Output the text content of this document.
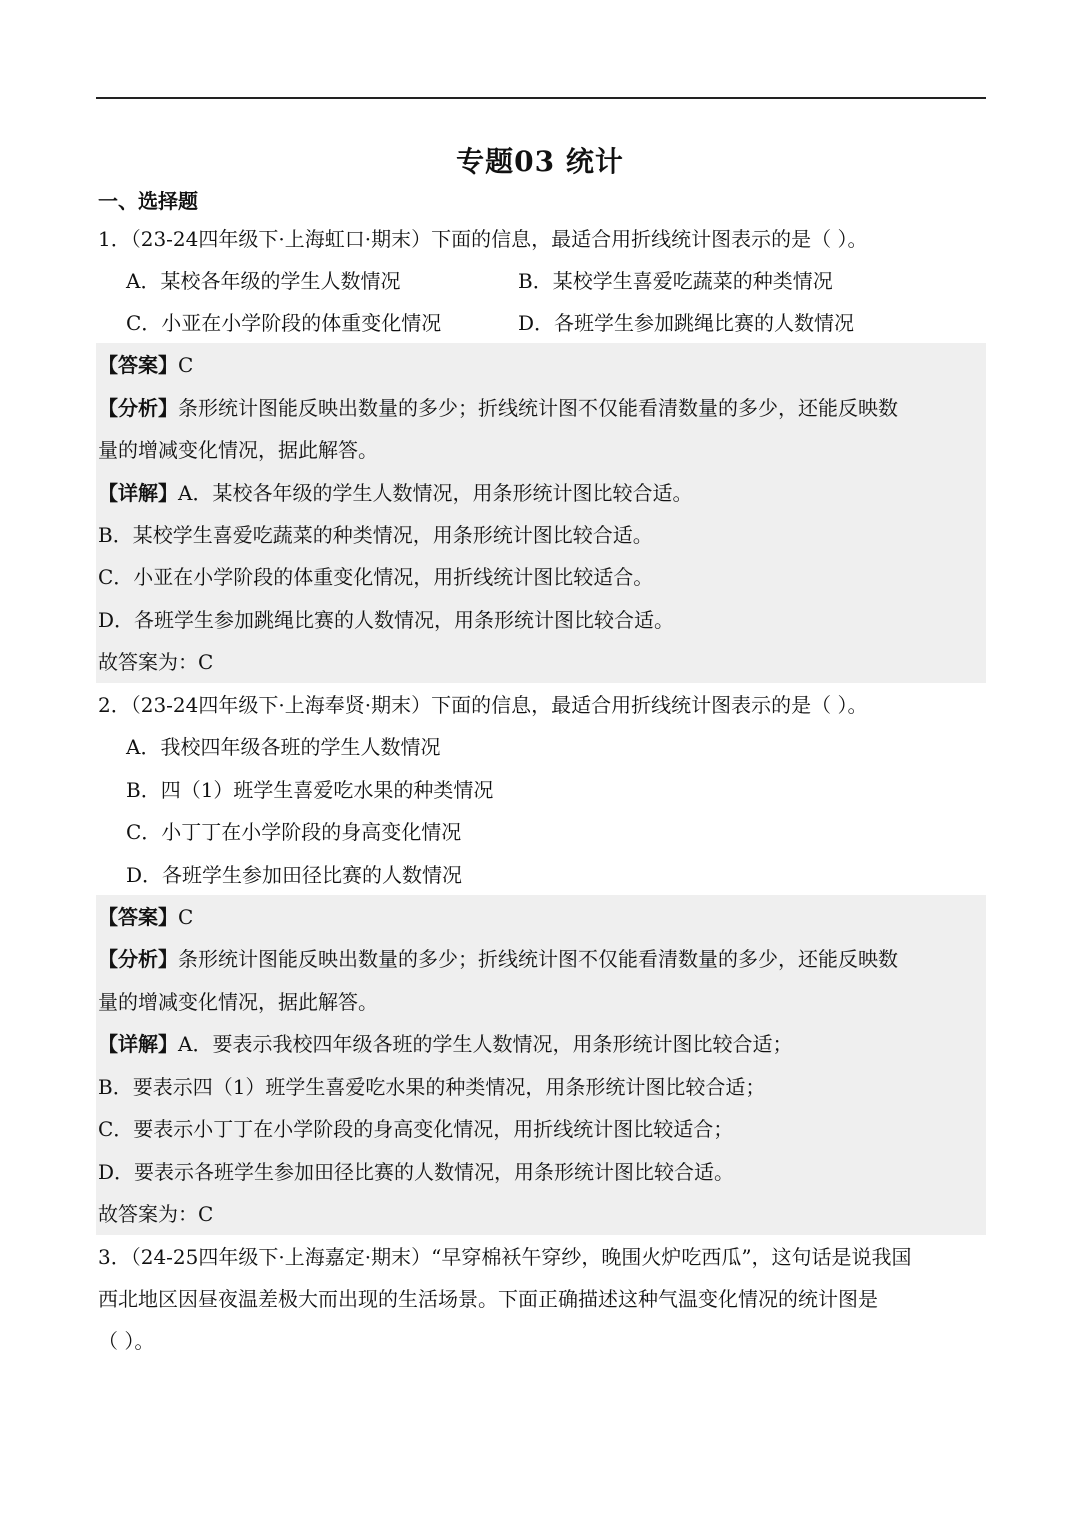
专题03 统计
一、选择题
1．（23-24四年级下·上海虹口·期末）下面的信息，最适合用折线统计图表示的是（ ）。
A．某校各年级的学生人数情况	B．某校学生喜爱吃蔬菜的种类情况
C．小亚在小学阶段的体重变化情况	D．各班学生参加跳绳比赛的人数情况
【答案】C
【分析】条形统计图能反映出数量的多少；折线统计图不仅能看清数量的多少，还能反映数
量的增减变化情况，据此解答。
【详解】A．某校各年级的学生人数情况，用条形统计图比较合适。
B．某校学生喜爱吃蔬菜的种类情况，用条形统计图比较合适。
C．小亚在小学阶段的体重变化情况，用折线统计图比较适合。
D．各班学生参加跳绳比赛的人数情况，用条形统计图比较合适。
故答案为：C
2．（23-24四年级下·上海奉贤·期末）下面的信息，最适合用折线统计图表示的是（ ）。
A．我校四年级各班的学生人数情况
B．四（1）班学生喜爱吃水果的种类情况
C．小丁丁在小学阶段的身高变化情况
D．各班学生参加田径比赛的人数情况
【答案】C
【分析】条形统计图能反映出数量的多少；折线统计图不仅能看清数量的多少，还能反映数
量的增减变化情况，据此解答。
【详解】A．要表示我校四年级各班的学生人数情况，用条形统计图比较合适；
B．要表示四（1）班学生喜爱吃水果的种类情况，用条形统计图比较合适；
C．要表示小丁丁在小学阶段的身高变化情况，用折线统计图比较适合；
D．要表示各班学生参加田径比赛的人数情况，用条形统计图比较合适。
故答案为：C
3．（24-25四年级下·上海嘉定·期末）“早穿棉袄午穿纱，晚围火炉吃西瓜”，这句话是说我国
西北地区因昼夜温差极大而出现的生活场景。下面正确描述这种气温变化情况的统计图是
（ ）。
